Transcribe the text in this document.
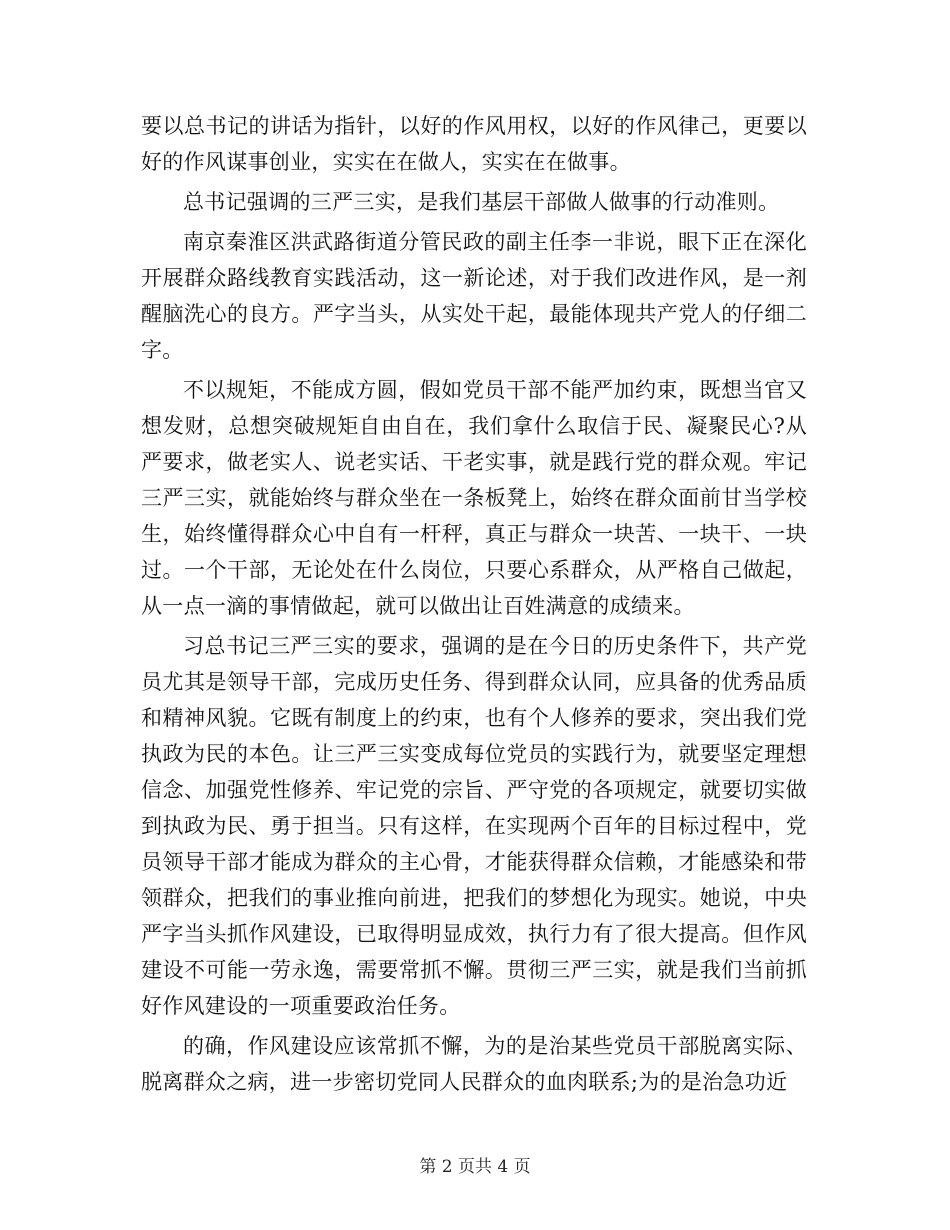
要以总书记的讲话为指针，以好的作风用权，以好的作风律己，更要以好的作风谋事创业，实实在在做人，实实在在做事。

总书记强调的三严三实，是我们基层干部做人做事的行动准则。

南京秦淮区洪武路街道分管民政的副主任李一非说，眼下正在深化开展群众路线教育实践活动，这一新论述，对于我们改进作风，是一剂醒脑洗心的良方。严字当头，从实处干起，最能体现共产党人的仔细二字。

不以规矩，不能成方圆，假如党员干部不能严加约束，既想当官又想发财，总想突破规矩自由自在，我们拿什么取信于民、凝聚民心?从严要求，做老实人、说老实话、干老实事，就是践行党的群众观。牢记三严三实，就能始终与群众坐在一条板凳上，始终在群众面前甘当学校生，始终懂得群众心中自有一杆秤，真正与群众一块苦、一块干、一块过。一个干部，无论处在什么岗位，只要心系群众，从严格自己做起，从一点一滴的事情做起，就可以做出让百姓满意的成绩来。

习总书记三严三实的要求，强调的是在今日的历史条件下，共产党员尤其是领导干部，完成历史任务、得到群众认同，应具备的优秀品质和精神风貌。它既有制度上的约束，也有个人修养的要求，突出我们党执政为民的本色。让三严三实变成每位党员的实践行为，就要坚定理想信念、加强党性修养、牢记党的宗旨、严守党的各项规定，就要切实做到执政为民、勇于担当。只有这样，在实现两个百年的目标过程中，党员领导干部才能成为群众的主心骨，才能获得群众信赖，才能感染和带领群众，把我们的事业推向前进，把我们的梦想化为现实。她说，中央严字当头抓作风建设，已取得明显成效，执行力有了很大提高。但作风建设不可能一劳永逸，需要常抓不懈。贯彻三严三实，就是我们当前抓好作风建设的一项重要政治任务。

的确，作风建设应该常抓不懈，为的是治某些党员干部脱离实际、脱离群众之病，进一步密切党同人民群众的血肉联系;为的是治急功近

第 2 页共 4 页
